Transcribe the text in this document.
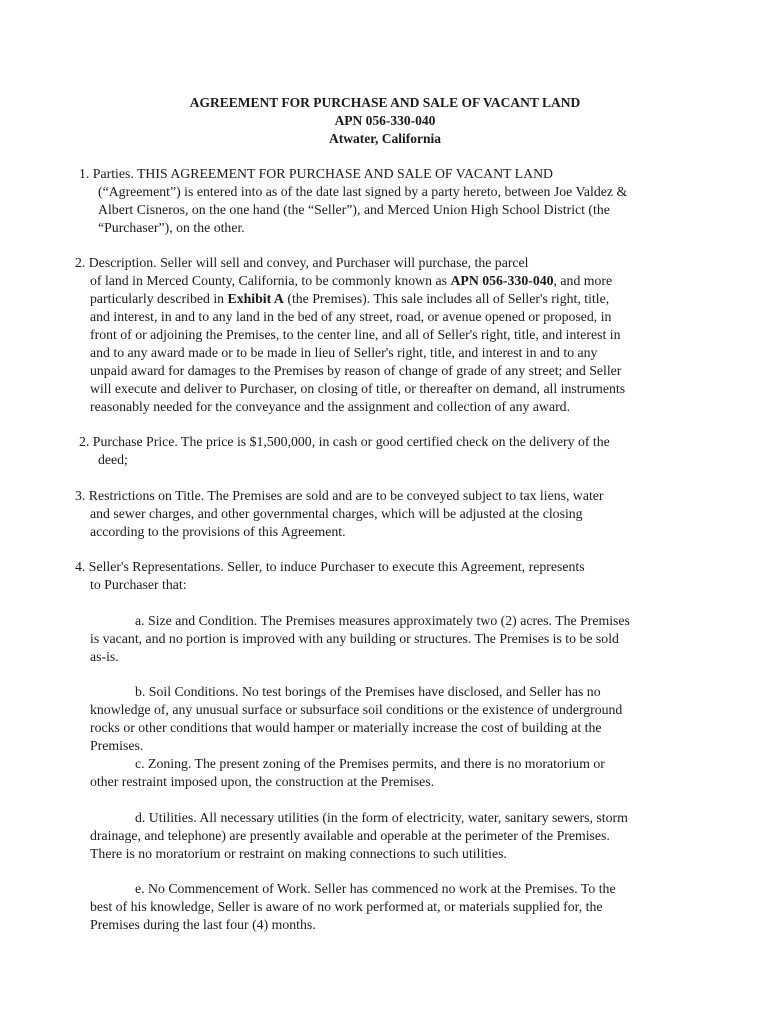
AGREEMENT FOR PURCHASE AND SALE OF VACANT LAND
APN 056-330-040
Atwater, California
1. Parties. THIS AGREEMENT FOR PURCHASE AND SALE OF VACANT LAND
(“Agreement”) is entered into as of the date last signed by a party hereto, between Joe Valdez &
Albert Cisneros, on the one hand (the “Seller”), and Merced Union High School District (the
“Purchaser”), on the other.
2. Description. Seller will sell and convey, and Purchaser will purchase, the parcel
of land in Merced County, California, to be commonly known as APN 056-330-040, and more
particularly described in Exhibit A (the Premises). This sale includes all of Seller's right, title,
and interest, in and to any land in the bed of any street, road, or avenue opened or proposed, in
front of or adjoining the Premises, to the center line, and all of Seller's right, title, and interest in
and to any award made or to be made in lieu of Seller's right, title, and interest in and to any
unpaid award for damages to the Premises by reason of change of grade of any street; and Seller
will execute and deliver to Purchaser, on closing of title, or thereafter on demand, all instruments
reasonably needed for the conveyance and the assignment and collection of any award.
2. Purchase Price. The price is $1,500,000, in cash or good certified check on the delivery of the
deed;
3. Restrictions on Title. The Premises are sold and are to be conveyed subject to tax liens, water
and sewer charges, and other governmental charges, which will be adjusted at the closing
according to the provisions of this Agreement.
4. Seller's Representations. Seller, to induce Purchaser to execute this Agreement, represents
to Purchaser that:
a. Size and Condition. The Premises measures approximately two (2) acres. The Premises
is vacant, and no portion is improved with any building or structures. The Premises is to be sold
as-is.
b. Soil Conditions. No test borings of the Premises have disclosed, and Seller has no
knowledge of, any unusual surface or subsurface soil conditions or the existence of underground
rocks or other conditions that would hamper or materially increase the cost of building at the
Premises.
c. Zoning. The present zoning of the Premises permits, and there is no moratorium or
other restraint imposed upon, the construction at the Premises.
d. Utilities. All necessary utilities (in the form of electricity, water, sanitary sewers, storm
drainage, and telephone) are presently available and operable at the perimeter of the Premises.
There is no moratorium or restraint on making connections to such utilities.
e. No Commencement of Work. Seller has commenced no work at the Premises. To the
best of his knowledge, Seller is aware of no work performed at, or materials supplied for, the
Premises during the last four (4) months.
